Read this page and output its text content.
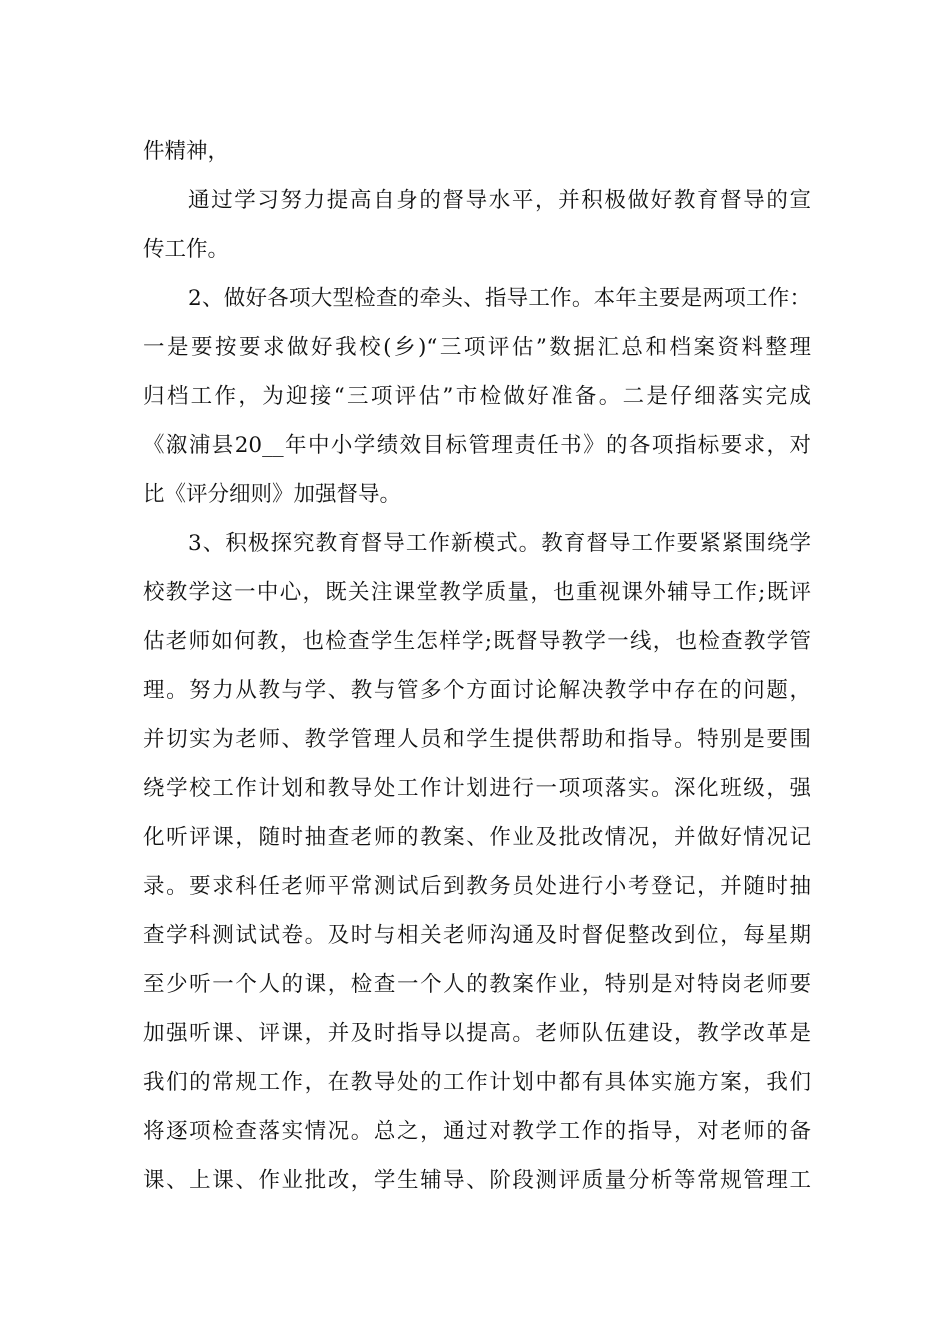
件精神，
通过学习努力提高自身的督导水平，并积极做好教育督导的宣
传工作。
2、做好各项大型检查的牵头、指导工作。本年主要是两项工作：
一是要按要求做好我校(乡)“三项评估”数据汇总和档案资料整理
归档工作，为迎接“三项评估”市检做好准备。二是仔细落实完成
《溆浦县20__年中小学绩效目标管理责任书》的各项指标要求，对
比《评分细则》加强督导。
3、积极探究教育督导工作新模式。教育督导工作要紧紧围绕学
校教学这一中心，既关注课堂教学质量，也重视课外辅导工作;既评
估老师如何教，也检查学生怎样学;既督导教学一线，也检查教学管
理。努力从教与学、教与管多个方面讨论解决教学中存在的问题，
并切实为老师、教学管理人员和学生提供帮助和指导。特别是要围
绕学校工作计划和教导处工作计划进行一项项落实。深化班级，强
化听评课，随时抽查老师的教案、作业及批改情况，并做好情况记
录。要求科任老师平常测试后到教务员处进行小考登记，并随时抽
查学科测试试卷。及时与相关老师沟通及时督促整改到位，每星期
至少听一个人的课，检查一个人的教案作业，特别是对特岗老师要
加强听课、评课，并及时指导以提高。老师队伍建设，教学改革是
我们的常规工作，在教导处的工作计划中都有具体实施方案，我们
将逐项检查落实情况。总之，通过对教学工作的指导，对老师的备
课、上课、作业批改，学生辅导、阶段测评质量分析等常规管理工
